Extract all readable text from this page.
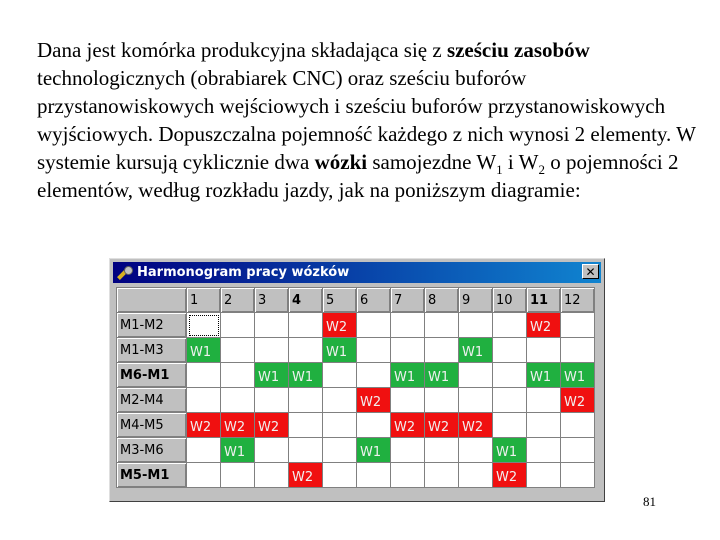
Dana jest komórka produkcyjna składająca się z sześciu zasobów technologicznych (obrabiarek CNC) oraz sześciu buforów przystanowiskowych wejściowych i sześciu buforów przystanowiskowych wyjściowych. Dopuszczalna pojemność każdego z nich wynosi 2 elementy. W systemie kursują cyklicznie dwa wózki samojezdne $W_1$ i $W_2$ o pojemności 2 elementów, według rozkładu jazdy, jak na poniższym diagramie:
Harmonogram pracy wózków	✕
	1	2	3	4	5	6	7	8	9	10	11	12
M1-M2					W2						W2	
M1-M3	W1				W1				W1			
M6-M1			W1	W1			W1	W1			W1	W1
M2-M4						W2						W2
M4-M5	W2	W2	W2				W2	W2	W2			
M3-M6		W1				W1				W1		
M5-M1				W2						W2		
81
